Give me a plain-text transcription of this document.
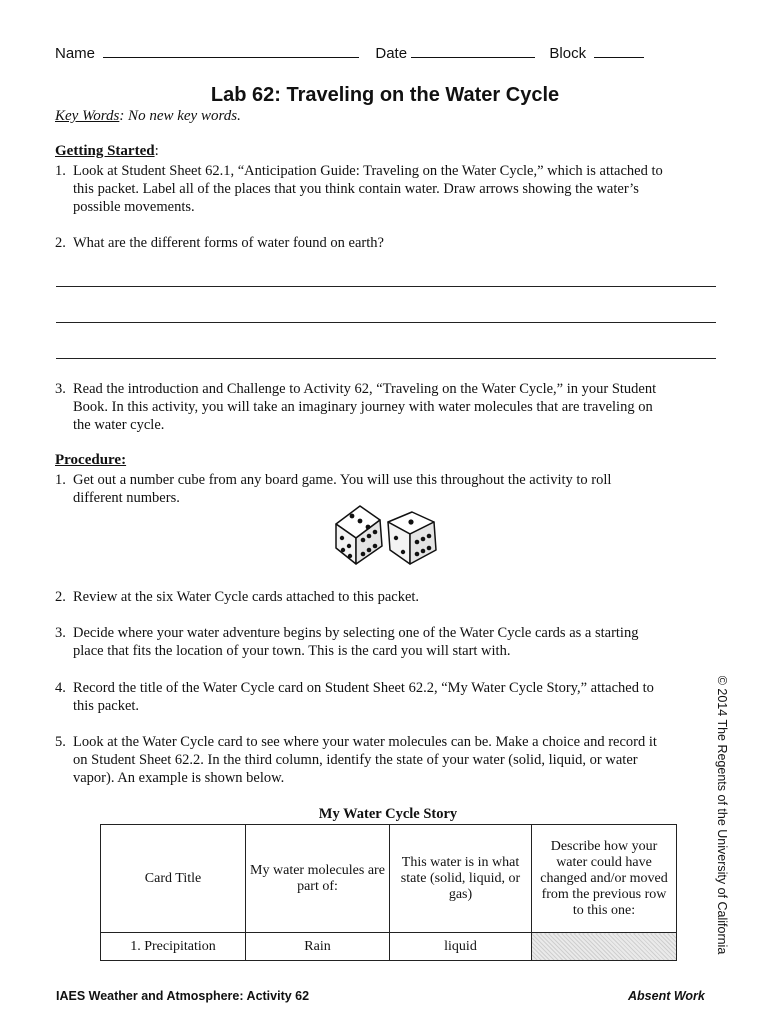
Name	Date	Block
Lab 62: Traveling on the Water Cycle
Key Words: No new key words.
Getting Started:
1. Look at Student Sheet 62.1, “Anticipation Guide: Traveling on the Water Cycle,” which is attached to
this packet. Label all of the places that you think contain water. Draw arrows showing the water’s
possible movements.
2. What are the different forms of water found on earth?
3. Read the introduction and Challenge to Activity 62, “Traveling on the Water Cycle,” in your Student
Book. In this activity, you will take an imaginary journey with water molecules that are traveling on
the water cycle.
Procedure:
1. Get out a number cube from any board game. You will use this throughout the activity to roll
different numbers.
2. Review at the six Water Cycle cards attached to this packet.
3. Decide where your water adventure begins by selecting one of the Water Cycle cards as a starting
place that fits the location of your town. This is the card you will start with.
4. Record the title of the Water Cycle card on Student Sheet 62.2, “My Water Cycle Story,” attached to
this packet.
5. Look at the Water Cycle card to see where your water molecules can be. Make a choice and record it
on Student Sheet 62.2. In the third column, identify the state of your water (solid, liquid, or water
vapor). An example is shown below.
My Water Cycle Story
Card Title	My water molecules are part of:	This water is in what state (solid, liquid, or gas)	Describe how your water could have changed and/or moved from the previous row to this one:
1. Precipitation	Rain	liquid		© 2014 The Regents of the University of California
IAES Weather and Atmosphere: Activity 62	Absent Work
